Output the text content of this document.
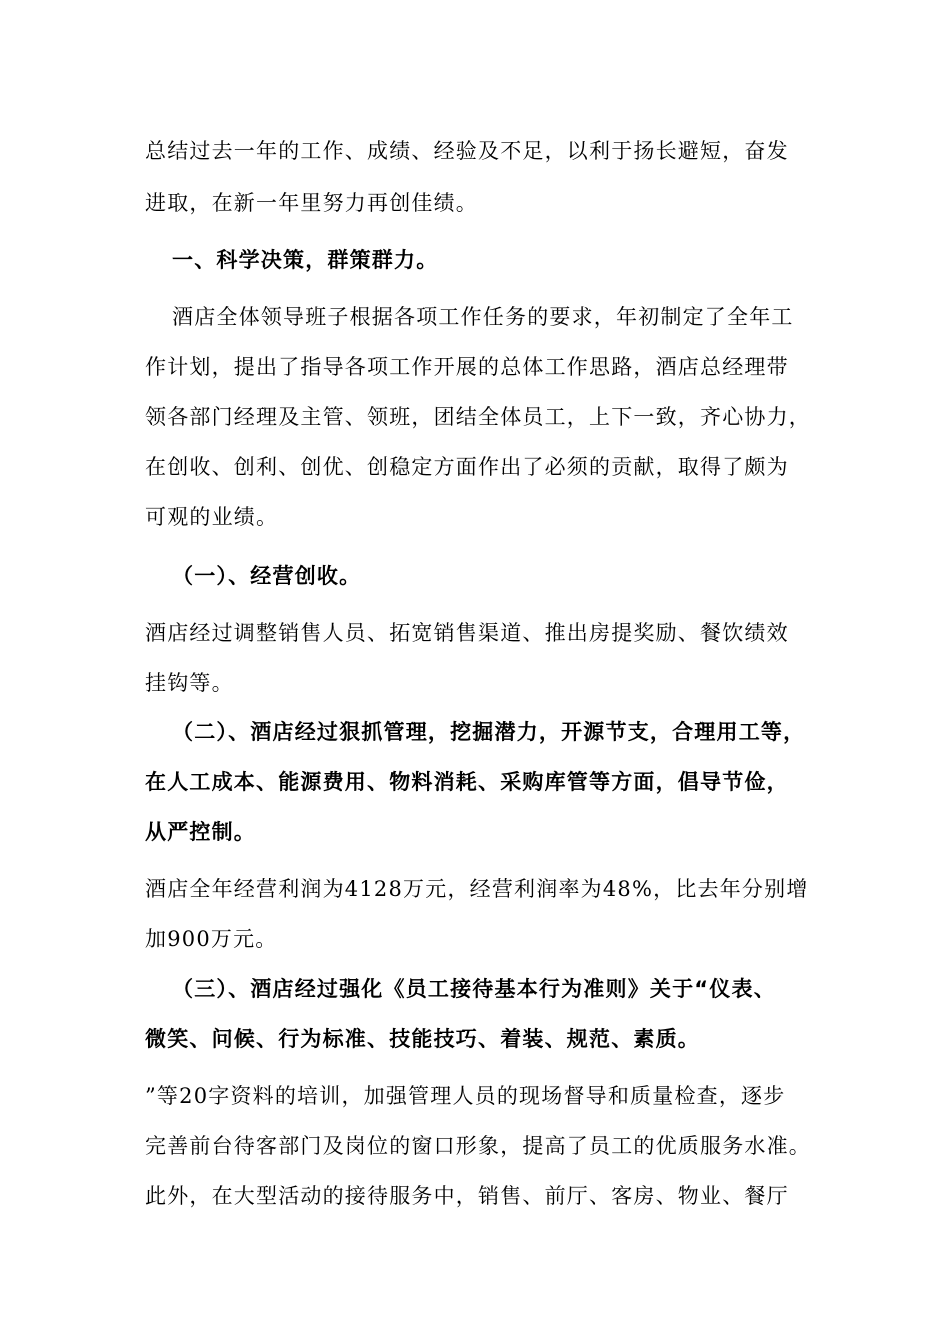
总结过去一年的工作、成绩、经验及不足，以利于扬长避短，奋发
进取，在新一年里努力再创佳绩。
一、科学决策，群策群力。
酒店全体领导班子根据各项工作任务的要求，年初制定了全年工
作计划，提出了指导各项工作开展的总体工作思路，酒店总经理带
领各部门经理及主管、领班，团结全体员工，上下一致，齐心协力，
在创收、创利、创优、创稳定方面作出了必须的贡献，取得了颇为
可观的业绩。
（一）、经营创收。
酒店经过调整销售人员、拓宽销售渠道、推出房提奖励、餐饮绩效
挂钩等。
（二）、酒店经过狠抓管理，挖掘潜力，开源节支，合理用工等，
在人工成本、能源费用、物料消耗、采购库管等方面，倡导节俭，
从严控制。
酒店全年经营利润为4128万元，经营利润率为48%，比去年分别增
加900万元。
（三）、酒店经过强化《员工接待基本行为准则》关于“仪表、
微笑、问候、行为标准、技能技巧、着装、规范、素质。
”等20字资料的培训，加强管理人员的现场督导和质量检查，逐步
完善前台待客部门及岗位的窗口形象，提高了员工的优质服务水准。
此外，在大型活动的接待服务中，销售、前厅、客房、物业、餐厅
